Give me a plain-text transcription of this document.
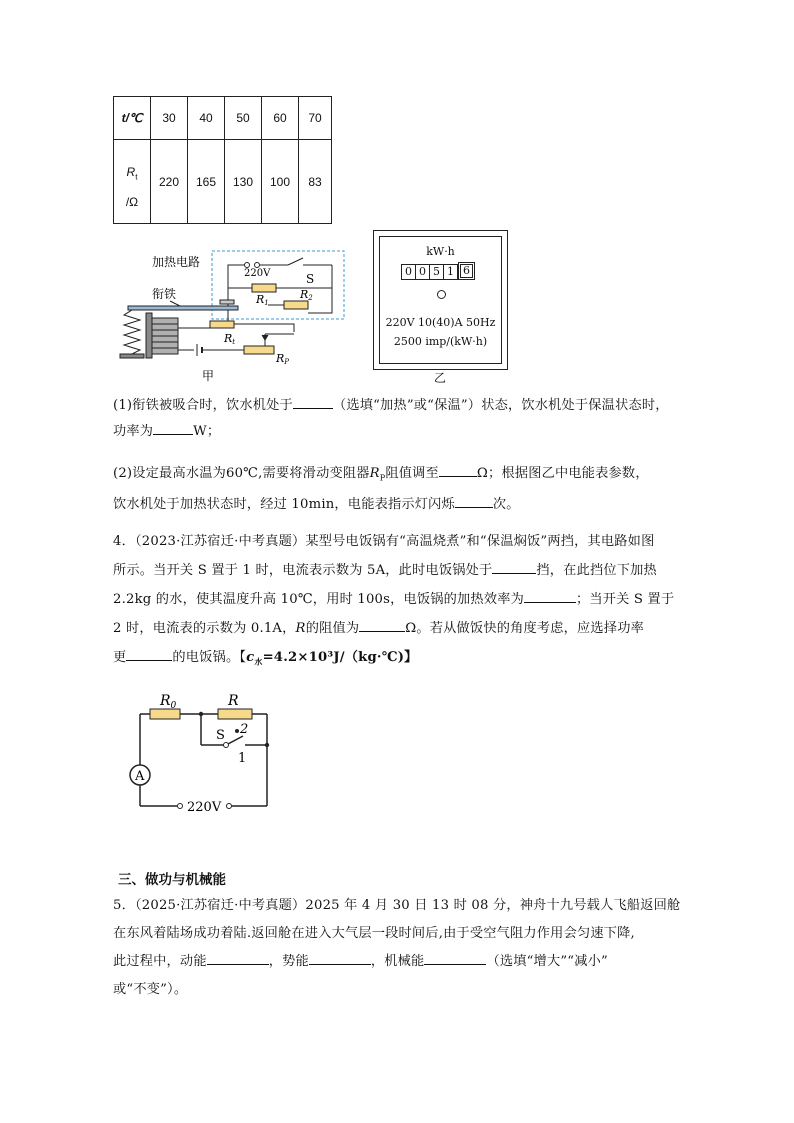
t/℃	30	40	50	60	70

$R_t$
/Ω	220	165	130	100	83
加热电路
220V	S
R1
R2
衔铁
Rt
RP
甲
kW·h
0 0 5 1 6
220V 10(40)A 50Hz
2500 imp/(kW·h)
乙
(1)衔铁被吸合时，饮水机处于	（选填“加热”或“保温”）状态，饮水机处于保温状态时，
功率为	W；
(2)设定最高水温为60℃,需要将滑动变阻器$R_P$阻值调至	Ω；根据图乙中电能表参数，
饮水机处于加热状态时，经过 10min，电能表指示灯闪烁	次。
4．（2023·江苏宿迁·中考真题）某型号电饭锅有“高温烧煮”和“保温焖饭”两挡，其电路如图
所示。当开关 S 置于 1 时，电流表示数为 5A，此时电饭锅处于	挡，在此挡位下加热
2.2kg 的水，使其温度升高 10℃，用时 100s，电饭锅的加热效率为	；当开关 S 置于
2 时，电流表的示数为 0.1A，R的阻值为	Ω。若从做饭快的角度考虑，应选择功率
更	的电饭锅。【$c_水=4.2\times 10^3J/(kg\cdot℃)$】
$R_0$	R
S 2
1
A
220V
三、做功与机械能
5．（2025·江苏宿迁·中考真题）2025 年 4 月 30 日 13 时 08 分，神舟十九号载人飞船返回舱
在东风着陆场成功着陆.返回舱在进入大气层一段时间后,由于受空气阻力作用会匀速下降,
此过程中，动能	，势能	，机械能	（选填“增大”“减小”
或“不变”）。
